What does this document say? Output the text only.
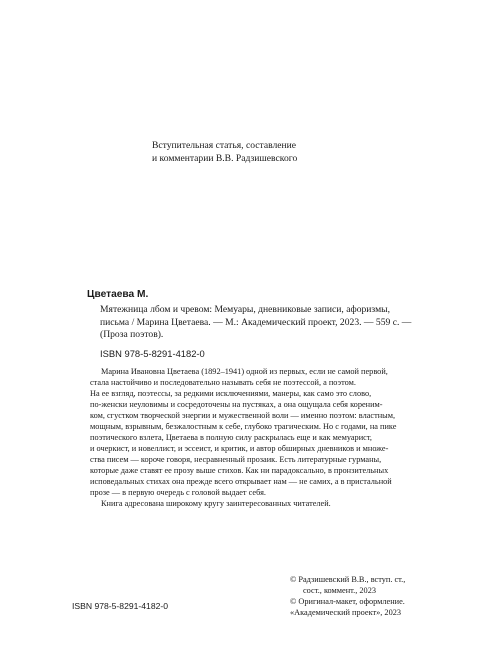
Вступительная статья, составление
и комментарии В.В. Радзишевского
Цветаева М.
Мятежница лбом и чревом: Мемуары, дневниковые записи, афоризмы,
письма / Марина Цветаева. — М.: Академический проект, 2023. — 559 с. —
(Проза поэтов).
ISBN 978-5-8291-4182-0
Марина Ивановна Цветаева (1892–1941) одной из первых, если не самой первой,
стала настойчиво и последовательно называть себя не поэтессой, а поэтом.
На ее взгляд, поэтессы, за редкими исключениями, манеры, как само это слово,
по-женски неуловимы и сосредоточены на пустяках, а она ощущала себя кореним-
ком, сгустком творческой энергии и мужественной воли — именно поэтом: властным,
мощным, взрывным, безжалостным к себе, глубоко трагическим. Но с годами, на пике
поэтического взлета, Цветаева в полную силу раскрылась еще и как мемуарист,
и очеркист, и новеллист, и эссеист, и критик, и автор обширных дневников и множе-
ства писем — короче говоря, несравненный прозаик. Есть литературные гурманы,
которые даже ставят ее прозу выше стихов. Как ни парадоксально, в пронзительных
исповедальных стихах она прежде всего открывает нам — не самих, а в пристальной
прозе — в первую очередь с головой выдает себя.
Книга адресована широкому кругу заинтересованных читателей.
© Радзишевский В.В., вступ. ст.,
сост., коммент., 2023
© Оригинал-макет, оформление.
«Академический проект», 2023
ISBN 978-5-8291-4182-0
